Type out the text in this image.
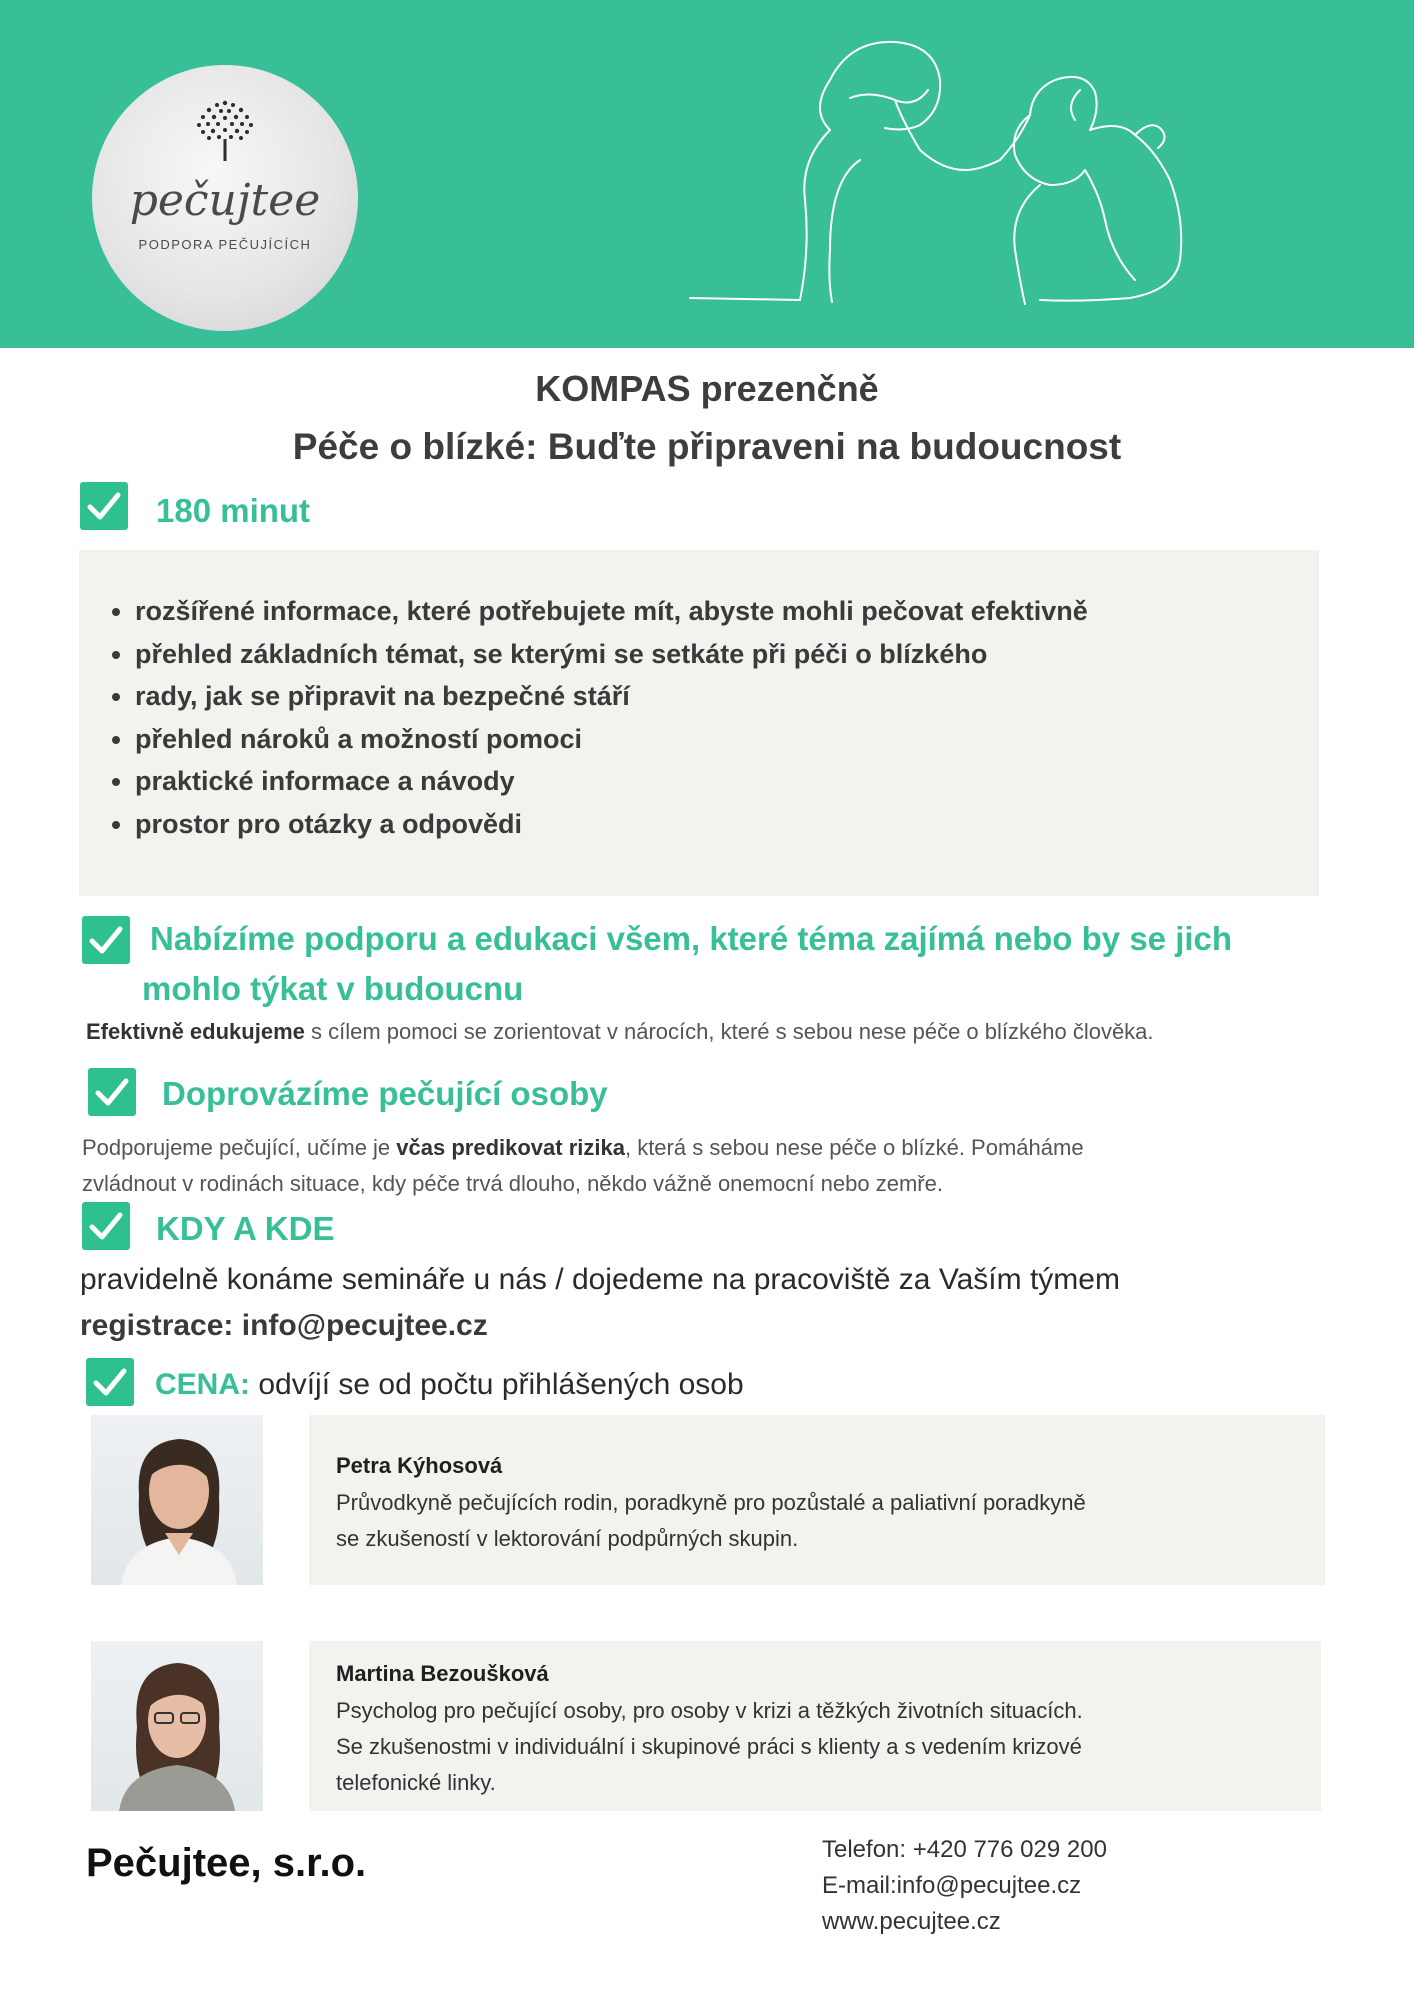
pečujtee
PODPORA PEČUJÍCÍCH
KOMPAS prezenčně
Péče o blízké: Buďte připraveni na budoucnost
180 minut
• rozšířené informace, které potřebujete mít, abyste mohli pečovat efektivně
• přehled základních témat, se kterými se setkáte při péči o blízkého
• rady, jak se připravit na bezpečné stáří
• přehled nároků a možností pomoci
• praktické informace a návody
• prostor pro otázky a odpovědi
Nabízíme podporu a edukaci všem, které téma zajímá nebo by se jich
mohlo týkat v budoucnu
Efektivně edukujeme s cílem pomoci se zorientovat v nárocích, které s sebou nese péče o blízkého člověka.
Doprovázíme pečující osoby
Podporujeme pečující, učíme je včas predikovat rizika, která s sebou nese péče o blízké. Pomáháme
zvládnout v rodinách situace, kdy péče trvá dlouho, někdo vážně onemocní nebo zemře.
KDY A KDE
pravidelně konáme semináře u nás / dojedeme na pracoviště za Vaším týmem
registrace: info@pecujtee.cz
CENA: odvíjí se od počtu přihlášených osob
Petra Kýhosová
Průvodkyně pečujících rodin, poradkyně pro pozůstalé a paliativní poradkyně
se zkušeností v lektorování podpůrných skupin.
Martina Bezoušková
Psycholog pro pečující osoby, pro osoby v krizi a těžkých životních situacích.
Se zkušenostmi v individuální i skupinové práci s klienty a s vedením krizové
telefonické linky.
Pečujtee, s.r.o.	Telefon: +420 776 029 200
E-mail:info@pecujtee.cz
www.pecujtee.cz
